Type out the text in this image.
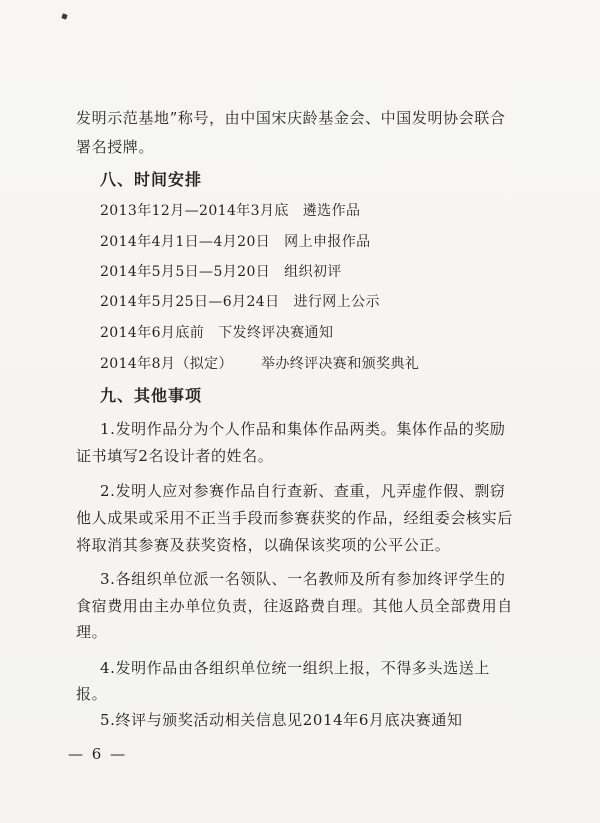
发明示范基地”称号，由中国宋庆龄基金会、中国发明协会联合
署名授牌。
八、时间安排
2013年12月—2014年3月底 遴选作品
2014年4月1日—4月20日 网上申报作品
2014年5月5日—5月20日 组织初评
2014年5月25日—6月24日 进行网上公示
2014年6月底前 下发终评决赛通知
2014年8月（拟定） 举办终评决赛和颁奖典礼
九、其他事项
1.发明作品分为个人作品和集体作品两类。集体作品的奖励
证书填写2名设计者的姓名。
2.发明人应对参赛作品自行查新、查重，凡弄虚作假、剽窃
他人成果或采用不正当手段而参赛获奖的作品，经组委会核实后
将取消其参赛及获奖资格，以确保该奖项的公平公正。
3.各组织单位派一名领队、一名教师及所有参加终评学生的
食宿费用由主办单位负责，往返路费自理。其他人员全部费用自
理。
4.发明作品由各组织单位统一组织上报，不得多头选送上
报。
5.终评与颁奖活动相关信息见2014年6月底决赛通知
— 6 —
